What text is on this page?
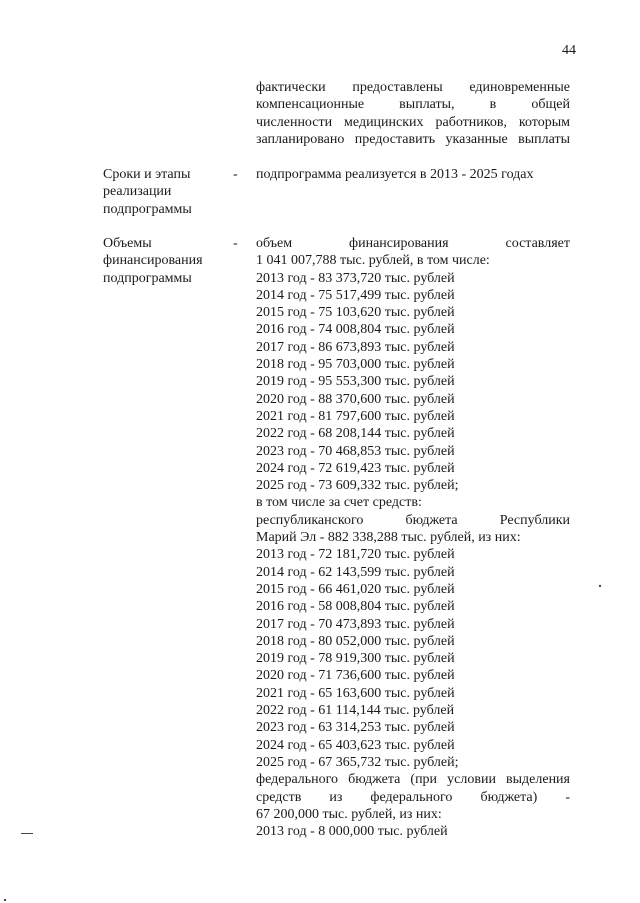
44
фактически предоставлены единовременные
компенсационные выплаты, в общей
численности медицинских работников, которым
запланировано предоставить указанные выплаты
Сроки и этапы
реализации
подпрограммы
- подпрограмма реализуется в 2013 - 2025 годах
Объемы
финансирования
подпрограммы
- объем финансирования составляет
1 041 007,788 тыс. рублей, в том числе:
2013 год - 83 373,720 тыс. рублей
2014 год - 75 517,499 тыс. рублей
2015 год - 75 103,620 тыс. рублей
2016 год - 74 008,804 тыс. рублей
2017 год - 86 673,893 тыс. рублей
2018 год - 95 703,000 тыс. рублей
2019 год - 95 553,300 тыс. рублей
2020 год - 88 370,600 тыс. рублей
2021 год - 81 797,600 тыс. рублей
2022 год - 68 208,144 тыс. рублей
2023 год - 70 468,853 тыс. рублей
2024 год - 72 619,423 тыс. рублей
2025 год - 73 609,332 тыс. рублей;
в том числе за счет средств:
республиканского бюджета Республики
Марий Эл - 882 338,288 тыс. рублей, из них:
2013 год - 72 181,720 тыс. рублей
2014 год - 62 143,599 тыс. рублей
2015 год - 66 461,020 тыс. рублей
2016 год - 58 008,804 тыс. рублей
2017 год - 70 473,893 тыс. рублей
2018 год - 80 052,000 тыс. рублей
2019 год - 78 919,300 тыс. рублей
2020 год - 71 736,600 тыс. рублей
2021 год - 65 163,600 тыс. рублей
2022 год - 61 114,144 тыс. рублей
2023 год - 63 314,253 тыс. рублей
2024 год - 65 403,623 тыс. рублей
2025 год - 67 365,732 тыс. рублей;
федерального бюджета (при условии выделения
средств из федерального бюджета) -
67 200,000 тыс. рублей, из них:
2013 год - 8 000,000 тыс. рублей
